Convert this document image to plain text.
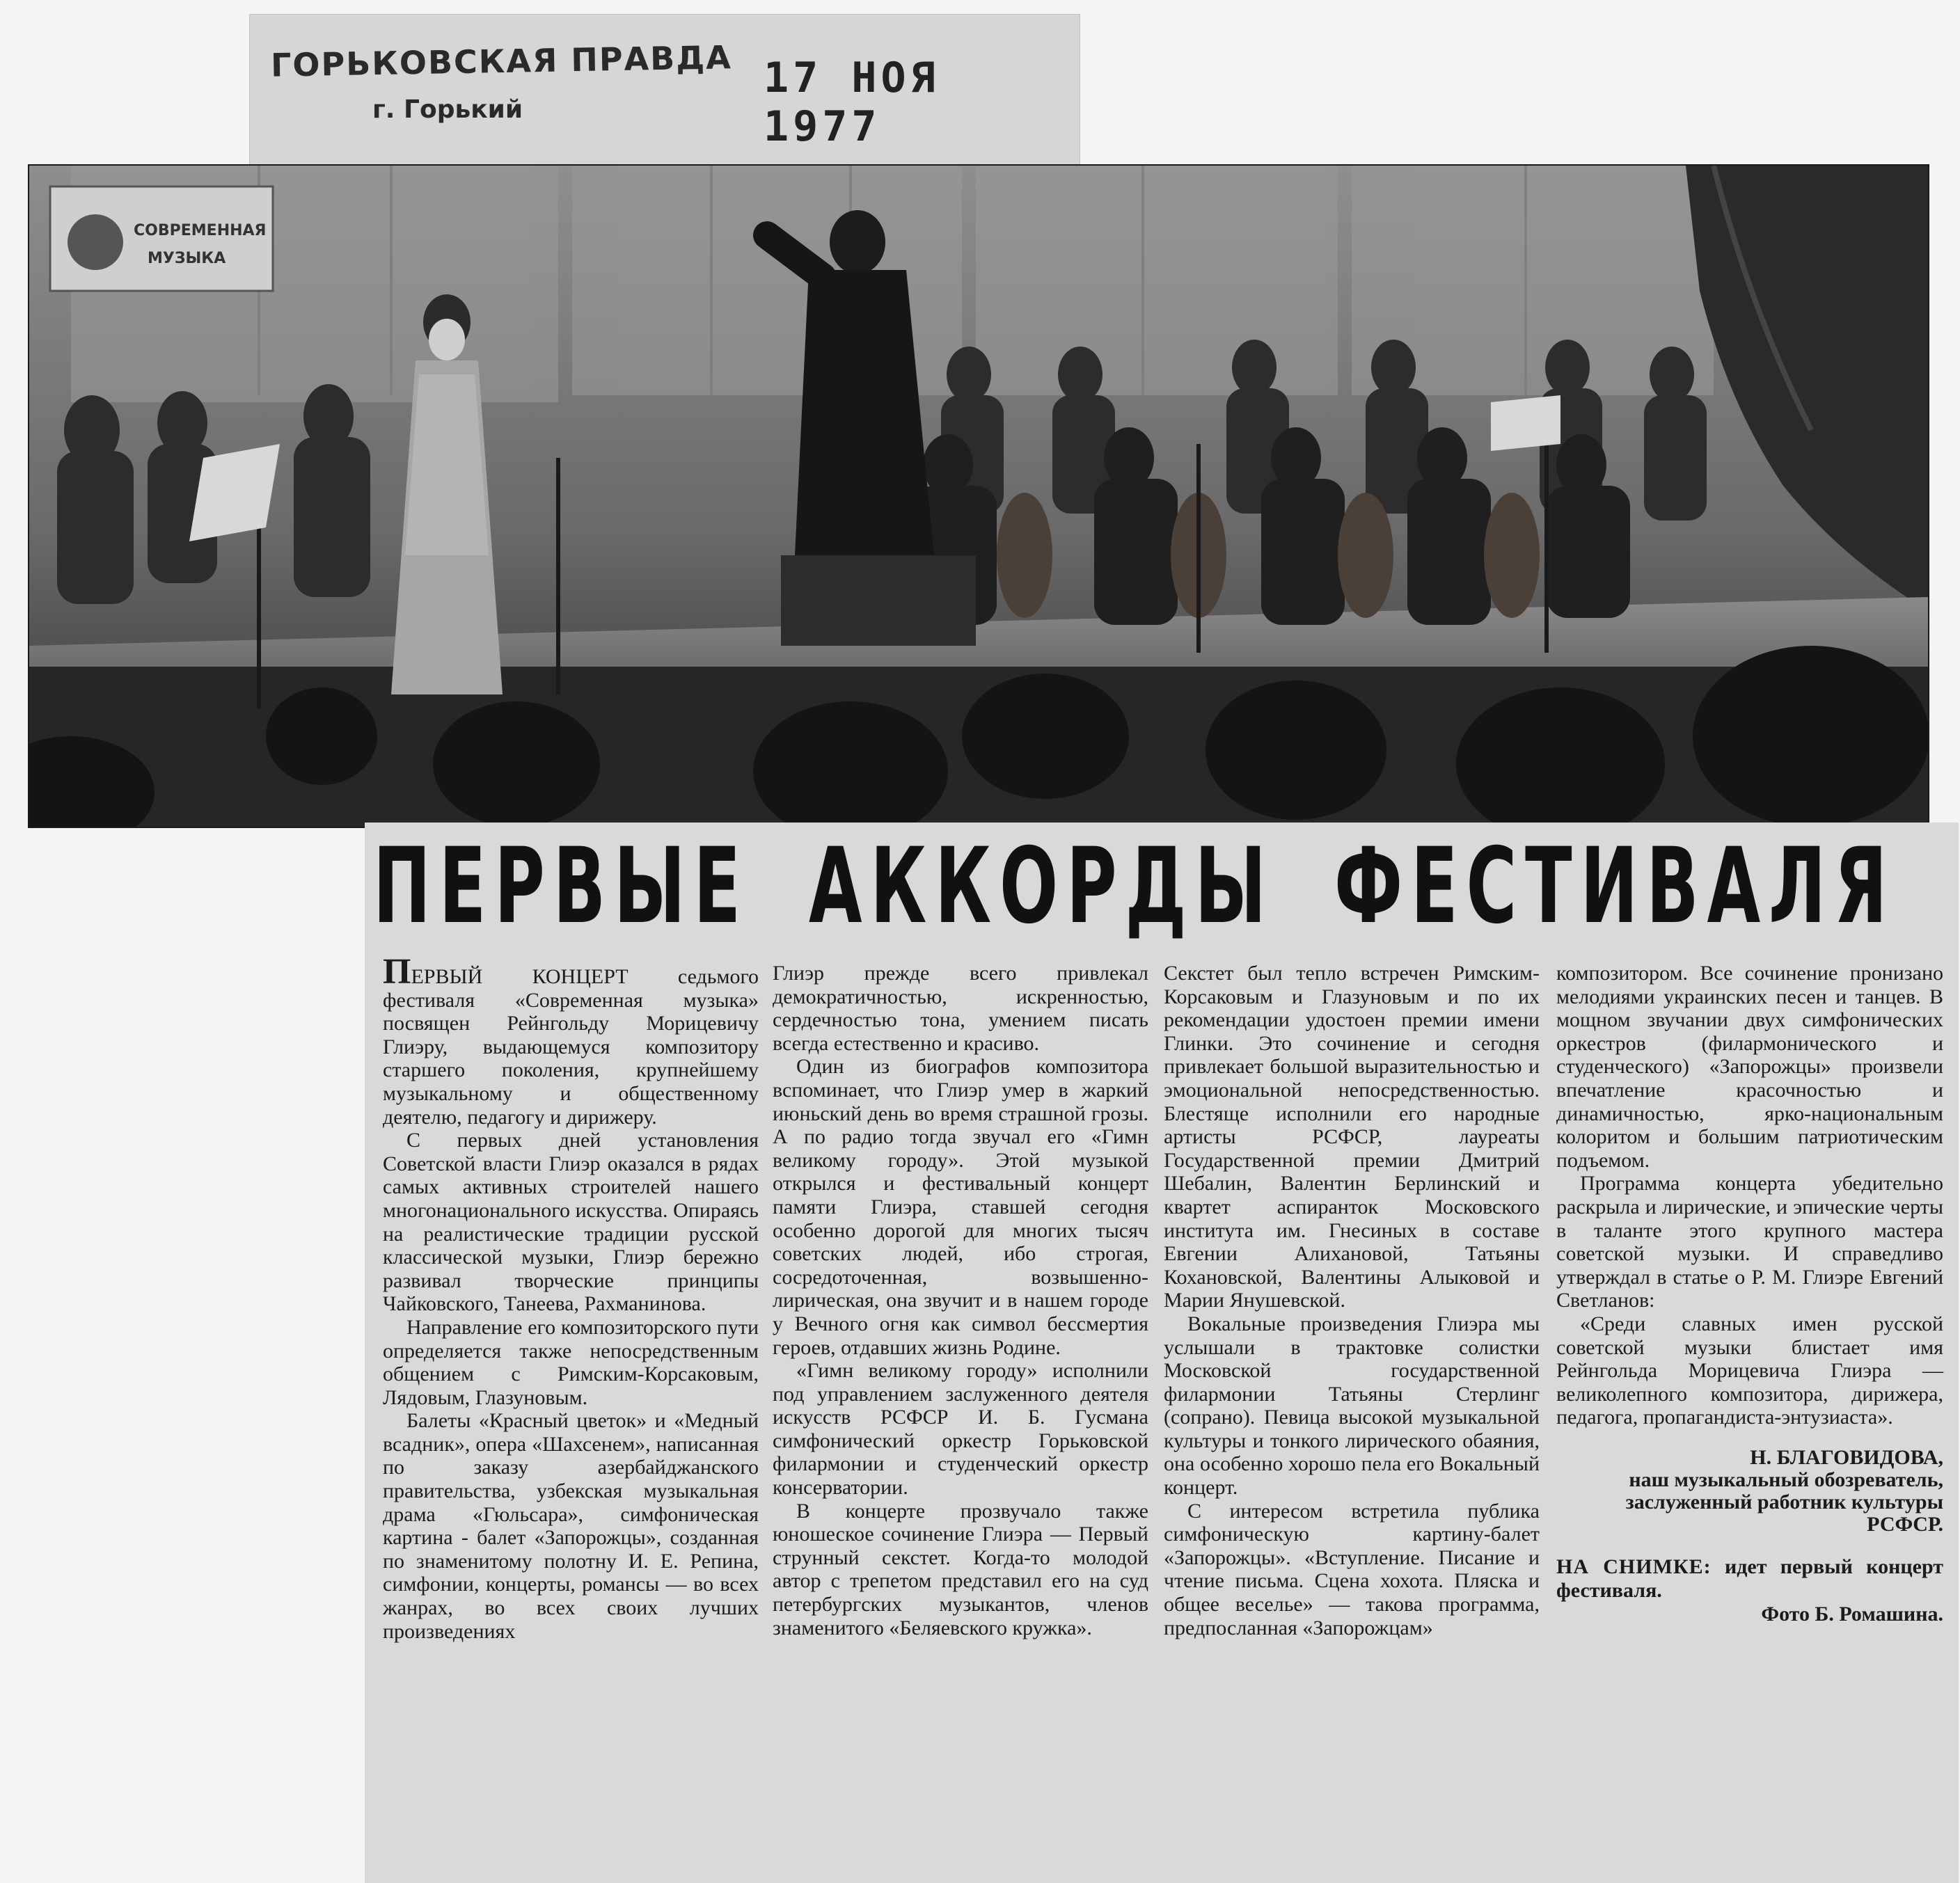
ГОРЬКОВСКАЯ ПРАВДА
г. Горький
17 НОЯ 1977
СОВРЕМЕННАЯ
МУЗЫКА
ПЕРВЫЕ АККОРДЫ ФЕСТИВАЛЯ

ПЕРВЫЙ КОНЦЕРТ седьмого фестиваля «Современная музыка» посвящен Рейнгольду Морицевичу Глиэру, выдающемуся композитору старшего поколения, крупнейшему музыкальному и общественному деятелю, педагогу и дирижеру.

С первых дней установления Советской власти Глиэр оказался в рядах самых активных строителей нашего многонационального искусства. Опираясь на реалистические традиции русской классической музыки, Глиэр бережно развивал творческие принципы Чайковского, Танеева, Рахманинова.

Направление его композиторского пути определяется также непосредственным общением с Римским-Корсаковым, Лядовым, Глазуновым.

Балеты «Красный цветок» и «Медный всадник», опера «Шахсенем», написанная по заказу азербайджанского правительства, узбекская музыкальная драма «Гюльсара», симфоническая картина - балет «Запорожцы», созданная по знаменитому полотну И. Е. Репина, симфонии, концерты, романсы — во всех жанрах, во всех своих лучших произведениях

Глиэр прежде всего привлекал демократичностью, искренностью, сердечностью тона, умением писать всегда естественно и красиво.

Один из биографов композитора вспоминает, что Глиэр умер в жаркий июньский день во время страшной грозы. А по радио тогда звучал его «Гимн великому городу». Этой музыкой открылся и фестивальный концерт памяти Глиэра, ставшей сегодня особенно дорогой для многих тысяч советских людей, ибо строгая, сосредоточенная, возвышенно-лирическая, она звучит и в нашем городе у Вечного огня как символ бессмертия героев, отдавших жизнь Родине.

«Гимн великому городу» исполнили под управлением заслуженного деятеля искусств РСФСР И. Б. Гусмана симфонический оркестр Горьковской филармонии и студенческий оркестр консерватории.

В концерте прозвучало также юношеское сочинение Глиэра — Первый струнный секстет. Когда-то молодой автор с трепетом представил его на суд петербургских музыкантов, членов знаменитого «Беляевского кружка».

Секстет был тепло встречен Римским-Корсаковым и Глазуновым и по их рекомендации удостоен премии имени Глинки. Это сочинение и сегодня привлекает большой выразительностью и эмоциональной непосредственностью. Блестяще исполнили его народные артисты РСФСР, лауреаты Государственной премии Дмитрий Шебалин, Валентин Берлинский и квартет аспиранток Московского института им. Гнесиных в составе Евгении Алихановой, Татьяны Кохановской, Валентины Алыковой и Марии Янушевской.

Вокальные произведения Глиэра мы услышали в трактовке солистки Московской государственной филармонии Татьяны Стерлинг (сопрано). Певица высокой музыкальной культуры и тонкого лирического обаяния, она особенно хорошо пела его Вокальный концерт.

С интересом встретила публика симфоническую картину-балет «Запорожцы». «Вступление. Писание и чтение письма. Сцена хохота. Пляска и общее веселье» — такова программа, предпосланная «Запорожцам»

композитором. Все сочинение пронизано мелодиями украинских песен и танцев. В мощном звучании двух симфонических оркестров (филармонического и студенческого) «Запорожцы» произвели впечатление красочностью и динамичностью, ярко-национальным колоритом и большим патриотическим подъемом.

Программа концерта убедительно раскрыла и лирические, и эпические черты в таланте этого крупного мастера советской музыки. И справедливо утверждал в статье о Р. М. Глиэре Евгений Светланов:

«Среди славных имен русской советской музыки блистает имя Рейнгольда Морицевича Глиэра — великолепного композитора, дирижера, педагога, пропагандиста-энтузиаста».

Н. БЛАГОВИДОВА,

наш музыкальный обозреватель, заслуженный работник культуры РСФСР.

НА СНИМКЕ: идет первый концерт фестиваля.

Фото Б. Ромашина.
